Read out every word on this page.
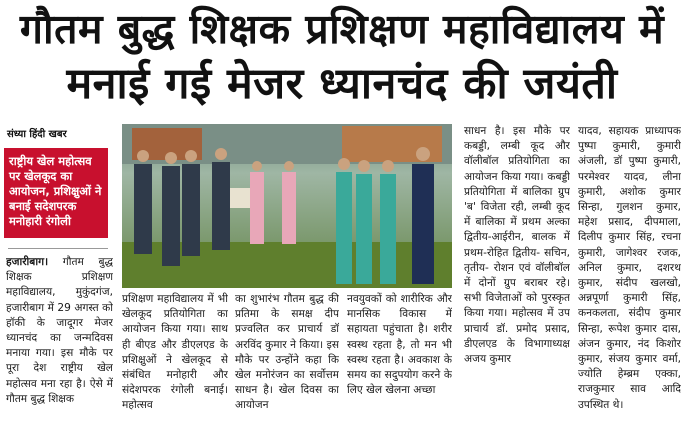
गौतम बुद्ध शिक्षक प्रशिक्षण महाविद्यालय में
मनाई गई मेजर ध्यानचंद की जयंती
संध्या हिंदी खबर
राष्ट्रीय खेल महोत्सव पर खेलकूद का आयोजन, प्रशिक्षुओं ने बनाई सदेशपरक मनोहारी रंगोली
हजारीबाग। गौतम बुद्ध शिक्षक प्रशिक्षण महाविद्यालय, मुकुंदगंज, हजारीबाग में 29 अगस्त को हॉकी के जादूगर मेजर ध्यानचंद का जन्मदिवस मनाया गया। इस मौके पर पूरा देश राष्ट्रीय खेल महोत्सव मना रहा है। ऐसे में गौतम बुद्ध शिक्षक
प्रशिक्षण महाविद्यालय में भी खेलकूद प्रतियोगिता का आयोजन किया गया। साथ ही बीएड और डीएलएड के प्रशिक्षुओं ने खेलकूद से संबंधित मनोहारी और संदेशपरक रंगोली बनाई। महोत्सव
का शुभारंभ गौतम बुद्ध की प्रतिमा के समक्ष दीप प्रज्वलित कर प्राचार्य डॉ अरविंद कुमार ने किया। इस मौके पर उन्होंने कहा कि खेल मनोरंजन का सर्वोत्तम साधन है। खेल दिवस का आयोजन
नवयुवकों को शारीरिक और मानसिक विकास में सहायता पहुंचाता है। शरीर स्वस्थ रहता है, तो मन भी स्वस्थ रहता है। अवकाश के समय का सदुपयोग करने के लिए खेल खेलना अच्छा
साधन है। इस मौके पर कबड्डी, लम्बी कूद और वॉलीबॉल प्रतियोगिता का आयोजन किया गया। कबड्डी प्रतियोगिता में बालिका ग्रुप 'ब' विजेता रही, लम्बी कूद में बालिका में प्रथम अल्का द्वितीय-आईरीन, बालक में प्रथम-रोहित द्वितीय- सचिन, तृतीय- रोशन एवं वॉलीबॉल में दोनों ग्रुप बराबर रहे। सभी विजेताओं को पुरस्कृत किया गया। महोत्सव में उप प्राचार्य डॉ. प्रमोद प्रसाद, डीएलएड के विभागाध्यक्ष अजय कुमार
यादव, सहायक प्राध्यापक पुष्पा कुमारी, कुमारी अंजली, डॉ पुष्पा कुमारी, परमेश्वर यादव, लीना कुमारी, अशोक कुमार सिन्हा, गुलशन कुमार, महेश प्रसाद, दीपमाला, दिलीप कुमार सिंह, रचना कुमारी, जागेश्वर रजक, अनिल कुमार, दशरथ कुमार, संदीप खलखो, अन्नपूर्णा कुमारी सिंह, कनकलता, संदीप कुमार सिन्हा, रूपेश कुमार दास, अंजन कुमार, नंद किशोर कुमार, संजय कुमार वर्मा, ज्योति हेम्ब्रम एक्का, राजकुमार साव आदि उपस्थित थे।
